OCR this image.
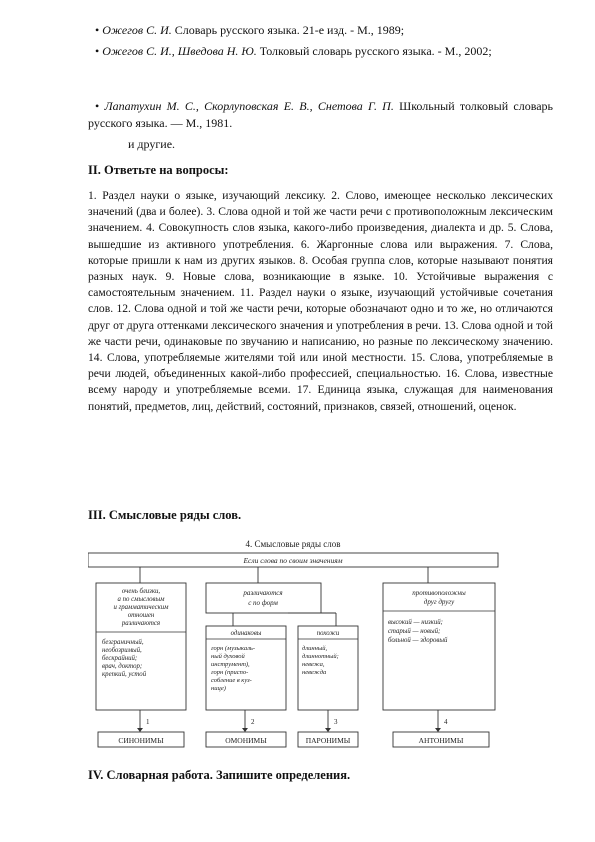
• Ожегов С. И. Словарь русского языка. 21-е изд. - М., 1989;
• Ожегов С. И., Шведова Н. Ю. Толковый словарь русского языка. - М., 2002;
• Лапатухин М. С., Скорлуповская Е. В., Снетова Г. П. Школьный толковый словарь русского языка. — М., 1981.
и другие.
II. Ответьте на вопросы:
1. Раздел науки о языке, изучающий лексику. 2. Слово, имеющее несколько лексических значений (два и более). 3. Слова одной и той же части речи с противоположным лексическим значением. 4. Совокупность слов языка, какого-либо произведения, диалекта и др. 5. Слова, вышедшие из активного употребления. 6. Жаргонные слова или выражения. 7. Слова, которые пришли к нам из других языков. 8. Особая группа слов, которые называют понятия разных наук. 9. Новые слова, возникающие в языке. 10. Устойчивые выражения с самостоятельным значением. 11. Раздел науки о языке, изучающий устойчивые сочетания слов. 12. Слова одной и той же части речи, которые обозначают одно и то же, но отличаются друг от друга оттенками лексического значения и употребления в речи. 13. Слова одной и той же части речи, одинаковые по звучанию и написанию, но разные по лексическому значению. 14. Слова, употребляемые жителями той или иной местности. 15. Слова, употребляемые в речи людей, объединенных какой-либо профессией, специальностью. 16. Слова, известные всему народу и употребляемые всеми. 17. Единица языка, служащая для наименования понятий, предметов, лиц, действий, состояний, признаков, связей, отношений, оценок.
III. Смысловые ряды слов.
4. Смысловые ряды слов
Если слова по своим значениям
очень близки,
а по смысловым
и грамматическим
отношен
различаются
безграничный,
необозримый,
бескрайний;
врач, доктор;
крепкий, устой
различаются
с по форм
одинаковы
горн (музыкаль-
ный духовой
инструмент),
горн (приспо-
собление в куз-
нице)
похожи
длинный,
длиннотный;
невежа,
невежда
противоположны
друг другу
высокий — низкий;
старый — новый;
больной — здоровый
1	2	3	4
СИНОНИМЫ	ОМОНИМЫ	ПАРОНИМЫ	АНТОНИМЫ
IV. Словарная работа. Запишите определения.
